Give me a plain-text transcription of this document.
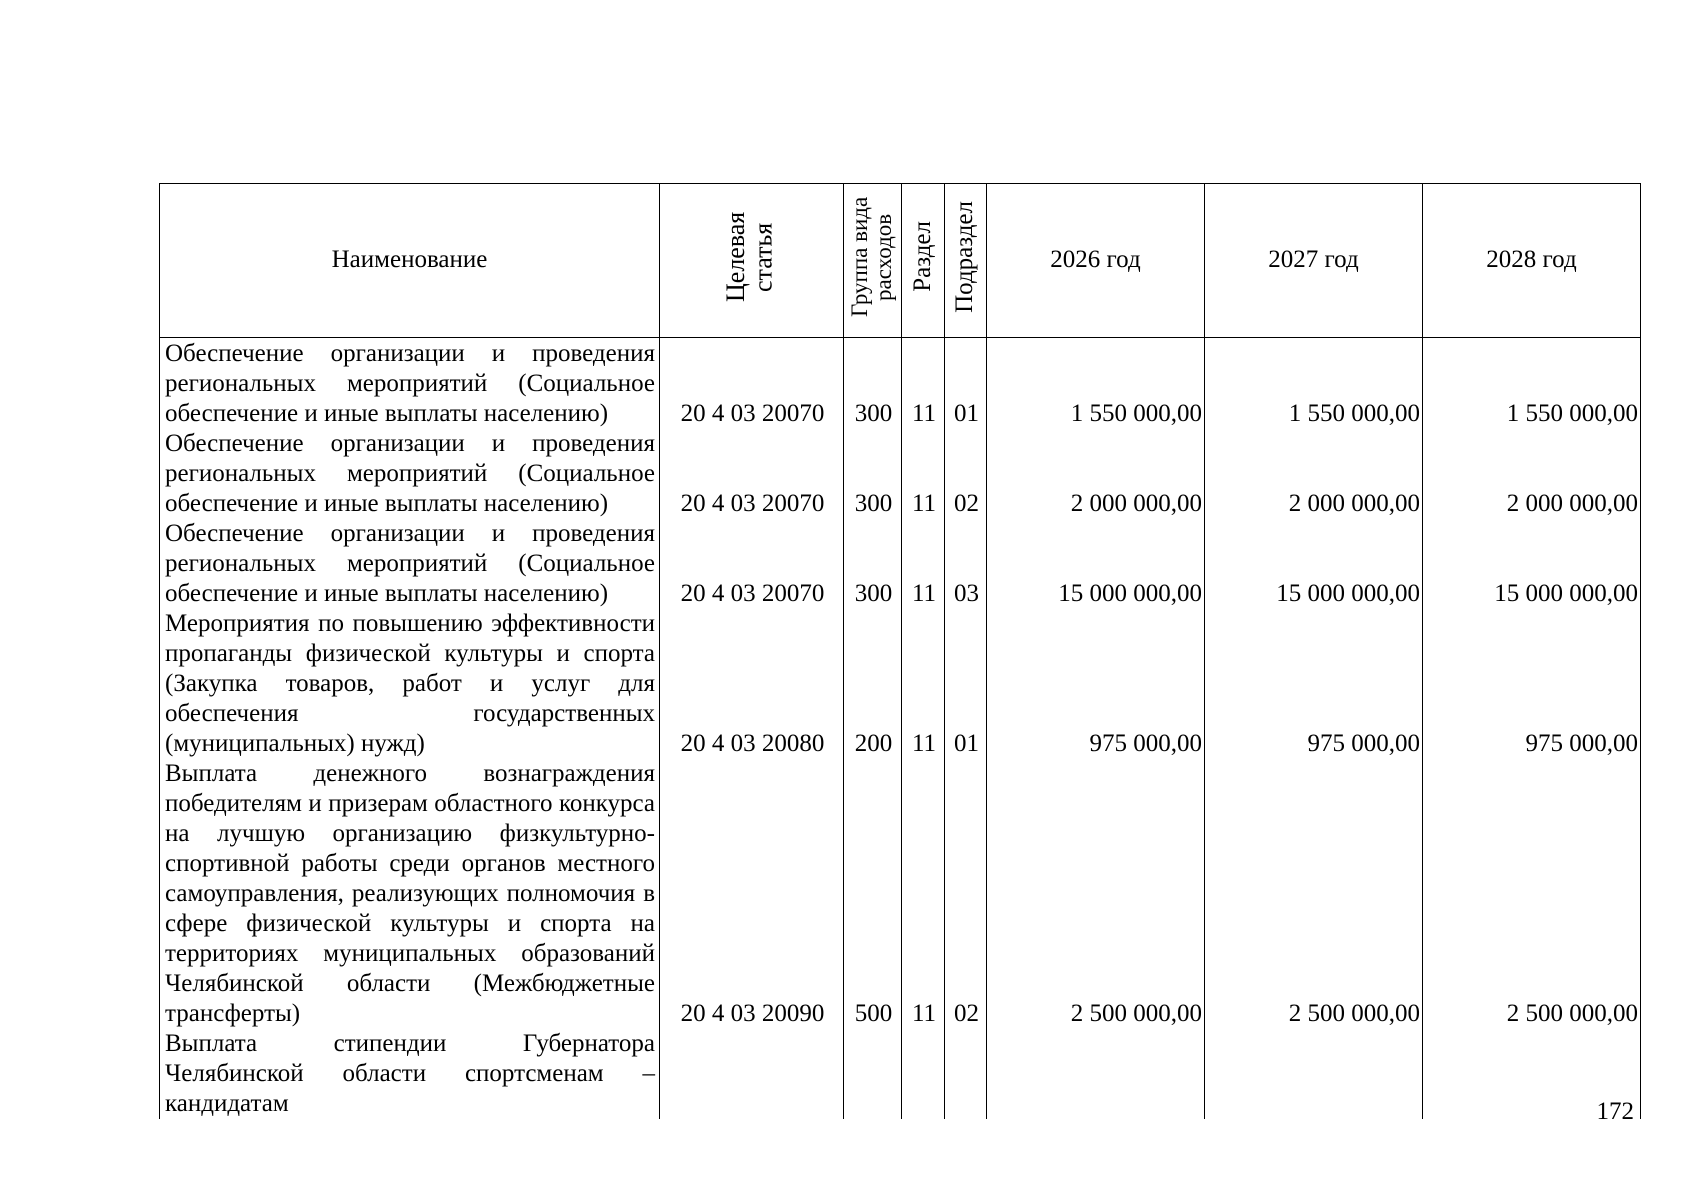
Наименование	Целевая статья	Группа вида расходов	Раздел	Подраздел	2026 год	2027 год	2028 год
Обеспечение организации и проведения региональных мероприятий (Социальное обеспечение и иные выплаты населению)	20 4 03 20070	300	11	01	1 550 000,00	1 550 000,00	1 550 000,00
Обеспечение организации и проведения региональных мероприятий (Социальное обеспечение и иные выплаты населению)	20 4 03 20070	300	11	02	2 000 000,00	2 000 000,00	2 000 000,00
Обеспечение организации и проведения региональных мероприятий (Социальное обеспечение и иные выплаты населению)	20 4 03 20070	300	11	03	15 000 000,00	15 000 000,00	15 000 000,00
Мероприятия по повышению эффективности пропаганды физической культуры и спорта (Закупка товаров, работ и услуг для обеспечения государственных (муниципальных) нужд)	20 4 03 20080	200	11	01	975 000,00	975 000,00	975 000,00
Выплата денежного вознаграждения победителям и призерам областного конкурса на лучшую организацию физкультурно-спортивной работы среди органов местного самоуправления, реализующих полномочия в сфере физической культуры и спорта на территориях муниципальных образований Челябинской области (Межбюджетные трансферты)	20 4 03 20090	500	11	02	2 500 000,00	2 500 000,00	2 500 000,00
Выплата стипендии Губернатора Челябинской области спортсменам – кандидатам								172
